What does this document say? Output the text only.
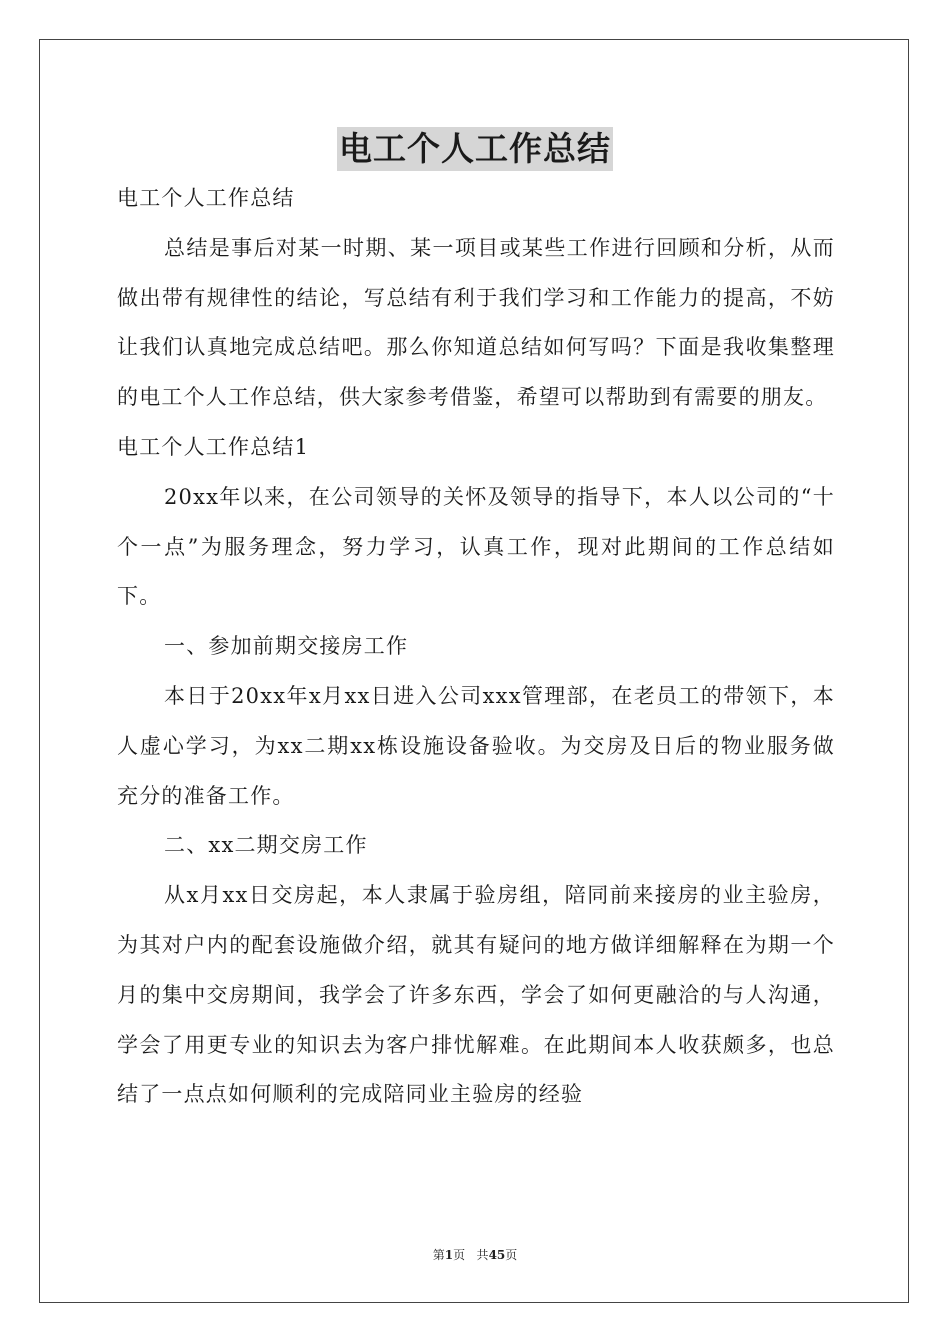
电工个人工作总结

电工个人工作总结

总结是事后对某一时期、某一项目或某些工作进行回顾和分析，从而做出带有规律性的结论，写总结有利于我们学习和工作能力的提高，不妨让我们认真地完成总结吧。那么你知道总结如何写吗？下面是我收集整理的电工个人工作总结，供大家参考借鉴，希望可以帮助到有需要的朋友。

电工个人工作总结1

20xx年以来，在公司领导的关怀及领导的指导下，本人以公司的“十个一点”为服务理念，努力学习，认真工作，现对此期间的工作总结如下。

一、参加前期交接房工作

本日于20xx年x月xx日进入公司xxx管理部，在老员工的带领下，本人虚心学习，为xx二期xx栋设施设备验收。为交房及日后的物业服务做充分的准备工作。

二、xx二期交房工作

从x月xx日交房起，本人隶属于验房组，陪同前来接房的业主验房，为其对户内的配套设施做介绍，就其有疑问的地方做详细解释在为期一个月的集中交房期间，我学会了许多东西，学会了如何更融洽的与人沟通，学会了用更专业的知识去为客户排忧解难。在此期间本人收获颇多，也总结了一点点如何顺利的完成陪同业主验房的经验

第1页 共45页
